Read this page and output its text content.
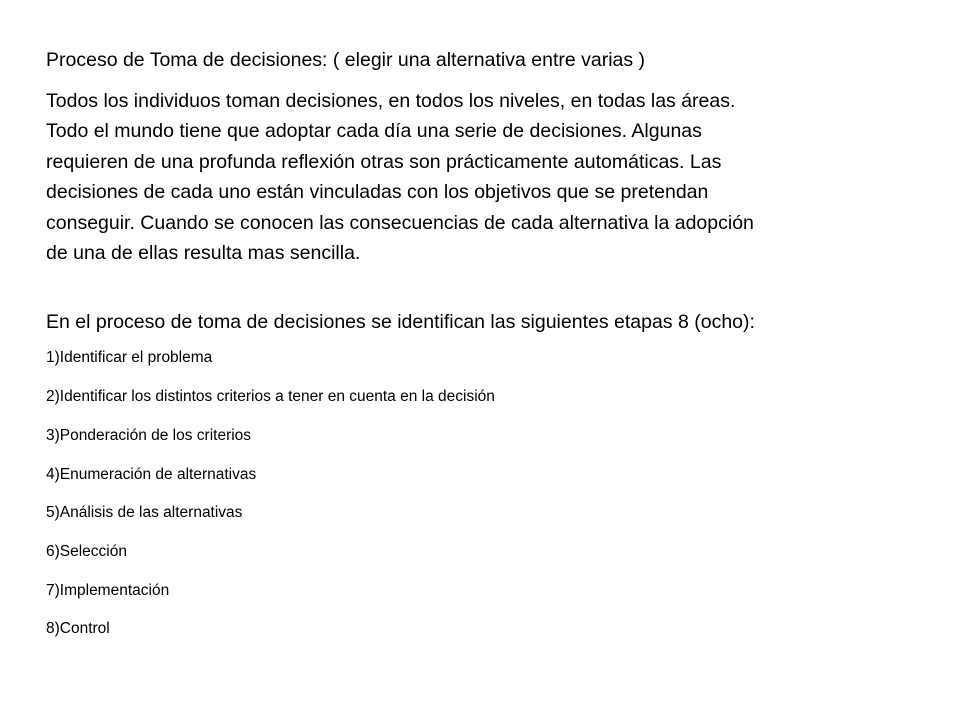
Proceso de Toma de decisiones: ( elegir una alternativa entre varias )

Todos los individuos toman decisiones, en todos los niveles, en todas las áreas.
Todo el mundo tiene que adoptar cada día una serie de decisiones. Algunas
requieren de una profunda reflexión otras son prácticamente automáticas. Las
decisiones de cada uno están vinculadas con los objetivos que se pretendan
conseguir. Cuando se conocen las consecuencias de cada alternativa la adopción
de una de ellas resulta mas sencilla.

En el proceso de toma de decisiones se identifican las siguientes etapas 8 (ocho):
1)Identificar el problema
2)Identificar los distintos criterios a tener en cuenta en la decisión
3)Ponderación de los criterios
4)Enumeración de alternativas
5)Análisis de las alternativas
6)Selección
7)Implementación
8)Control
